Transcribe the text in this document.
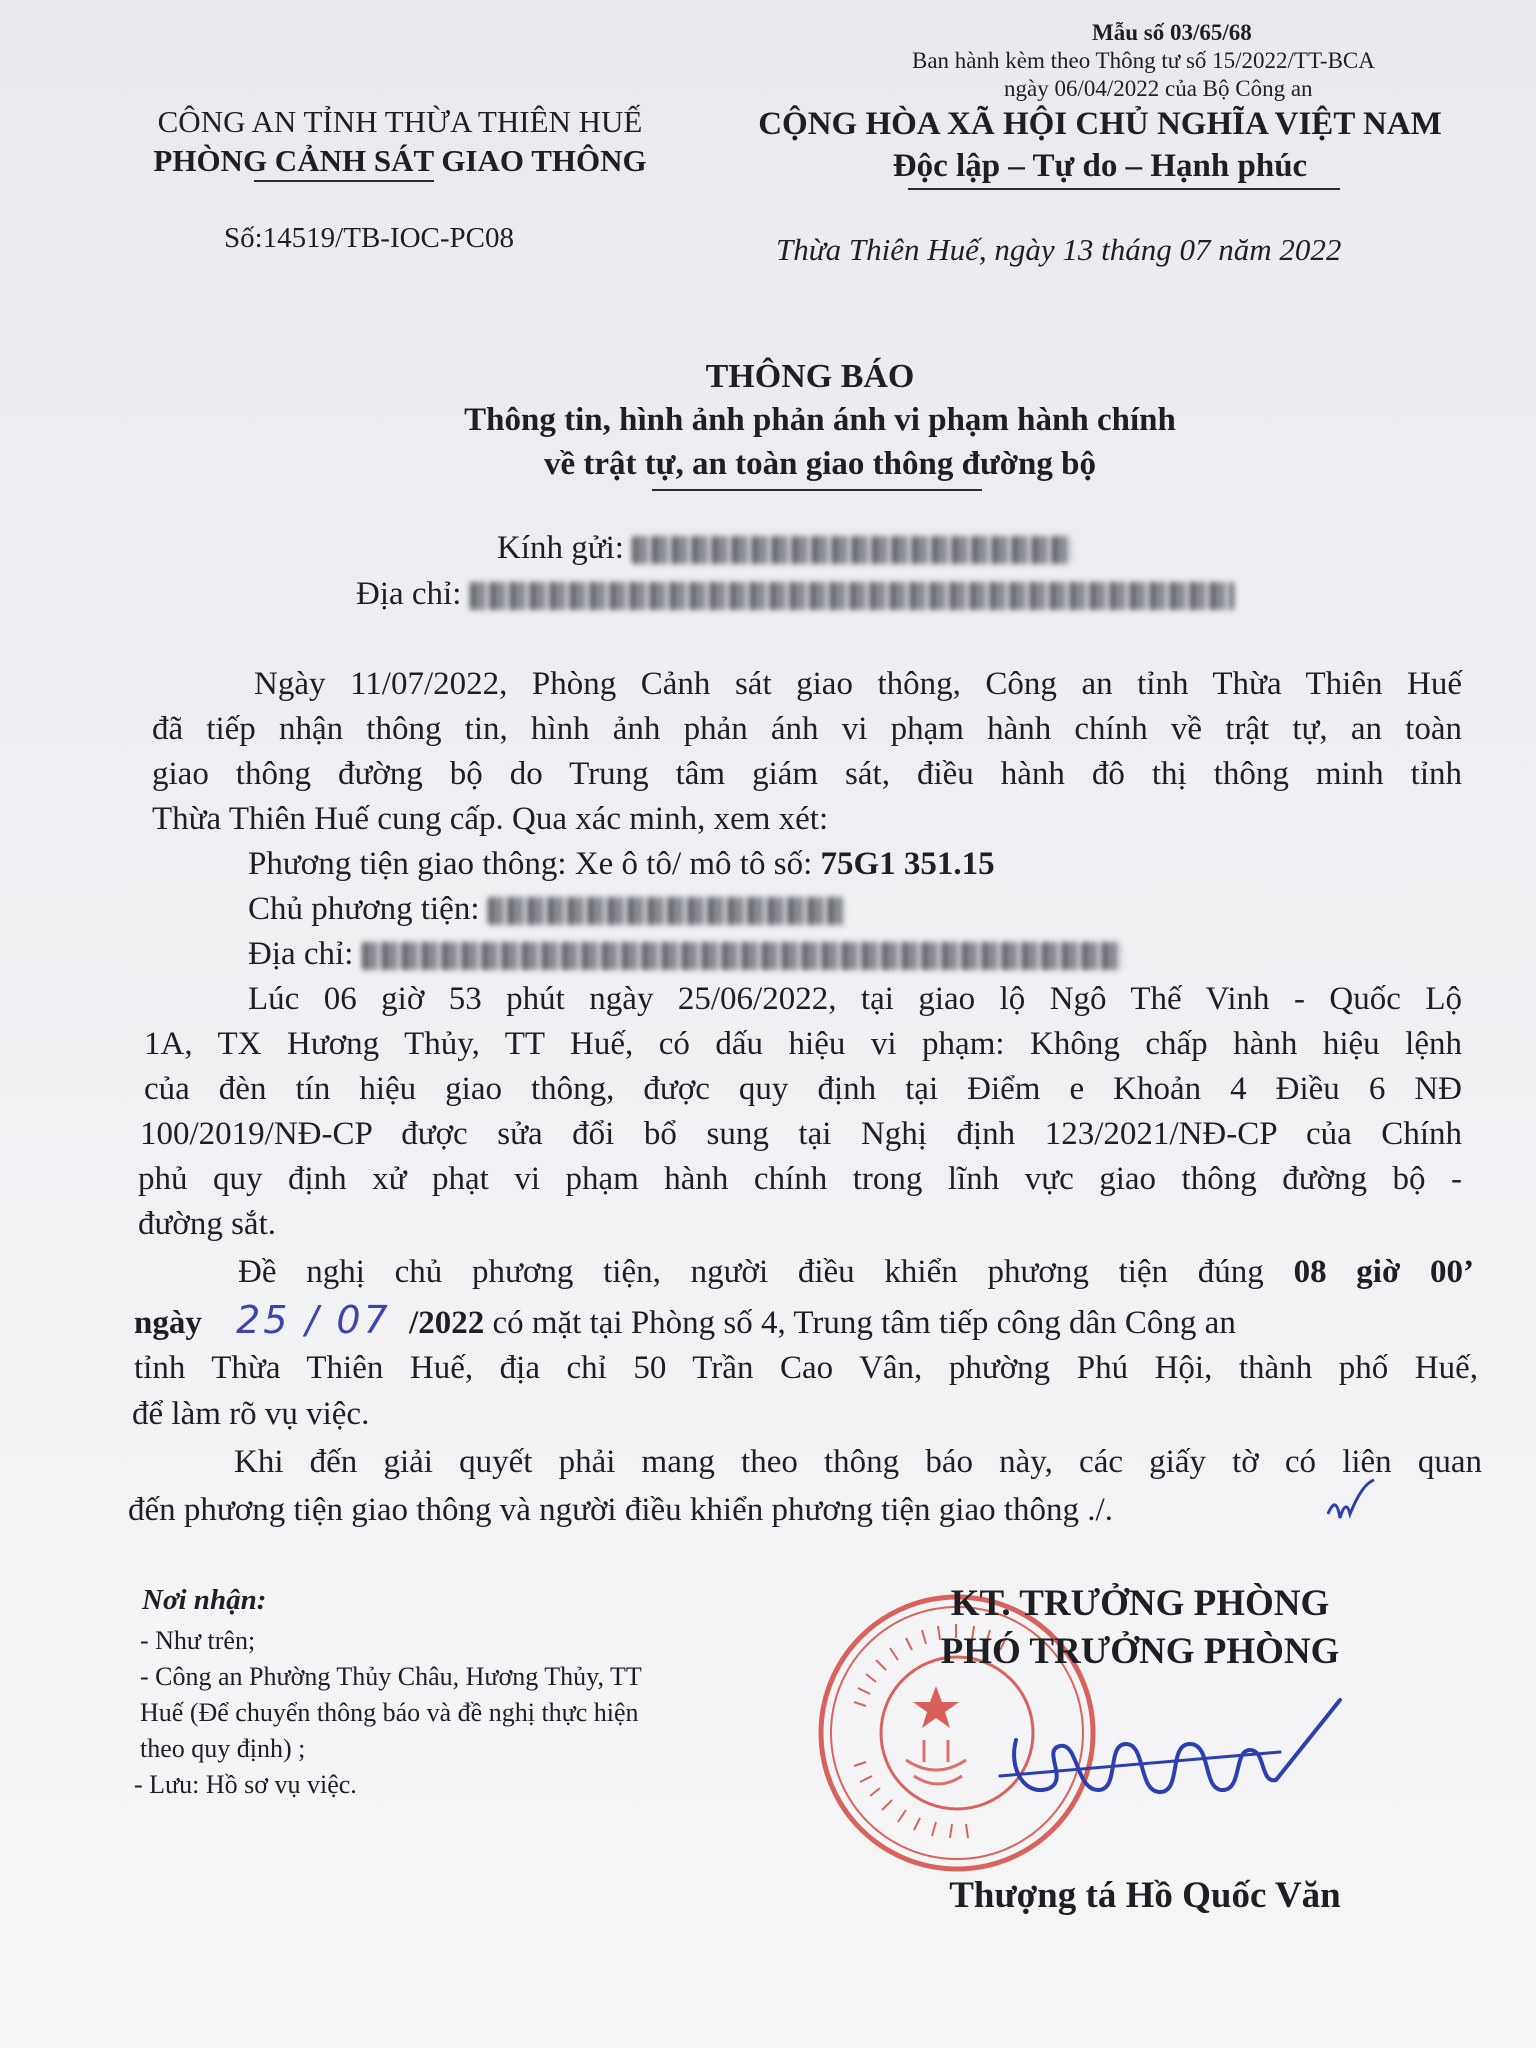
Mẫu số 03/65/68
Ban hành kèm theo Thông tư số 15/2022/TT-BCA
ngày 06/04/2022 của Bộ Công an
CÔNG AN TỈNH THỪA THIÊN HUẾ
PHÒNG CẢNH SÁT GIAO THÔNG
Số:14519/TB-IOC-PC08
CỘNG HÒA XÃ HỘI CHỦ NGHĨA VIỆT NAM
Độc lập – Tự do – Hạnh phúc
Thừa Thiên Huế, ngày 13 tháng 07 năm 2022
THÔNG BÁO
Thông tin, hình ảnh phản ánh vi phạm hành chính
về trật tự, an toàn giao thông đường bộ
Kính gửi:
Địa chỉ:
Ngày 11/07/2022, Phòng Cảnh sát giao thông, Công an tỉnh Thừa Thiên Huế
đã tiếp nhận thông tin, hình ảnh phản ánh vi phạm hành chính về trật tự, an toàn
giao thông đường bộ do Trung tâm giám sát, điều hành đô thị thông minh tỉnh
Thừa Thiên Huế cung cấp. Qua xác minh, xem xét:
Phương tiện giao thông: Xe ô tô/ mô tô số: 75G1 351.15
Chủ phương tiện:
Địa chỉ:
Lúc 06 giờ 53 phút ngày 25/06/2022, tại giao lộ Ngô Thế Vinh - Quốc Lộ
1A, TX Hương Thủy, TT Huế, có dấu hiệu vi phạm: Không chấp hành hiệu lệnh
của đèn tín hiệu giao thông, được quy định tại Điểm e Khoản 4 Điều 6 NĐ
100/2019/NĐ-CP được sửa đổi bổ sung tại Nghị định 123/2021/NĐ-CP của Chính
phủ quy định xử phạt vi phạm hành chính trong lĩnh vực giao thông đường bộ -
đường sắt.
Đề nghị chủ phương tiện, người điều khiển phương tiện đúng 08 giờ 00’
ngày 25 / 07 /2022 có mặt tại Phòng số 4, Trung tâm tiếp công dân Công an
tỉnh Thừa Thiên Huế, địa chỉ 50 Trần Cao Vân, phường Phú Hội, thành phố Huế,
để làm rõ vụ việc.
Khi đến giải quyết phải mang theo thông báo này, các giấy tờ có liên quan
đến phương tiện giao thông và người điều khiển phương tiện giao thông ./.
Nơi nhận:
- Như trên;
- Công an Phường Thủy Châu, Hương Thủy, TT
Huế (Để chuyển thông báo và đề nghị thực hiện
theo quy định) ;
- Lưu: Hồ sơ vụ việc.
KT. TRƯỞNG PHÒNG
PHÓ TRƯỞNG PHÒNG
Thượng tá Hồ Quốc Văn
